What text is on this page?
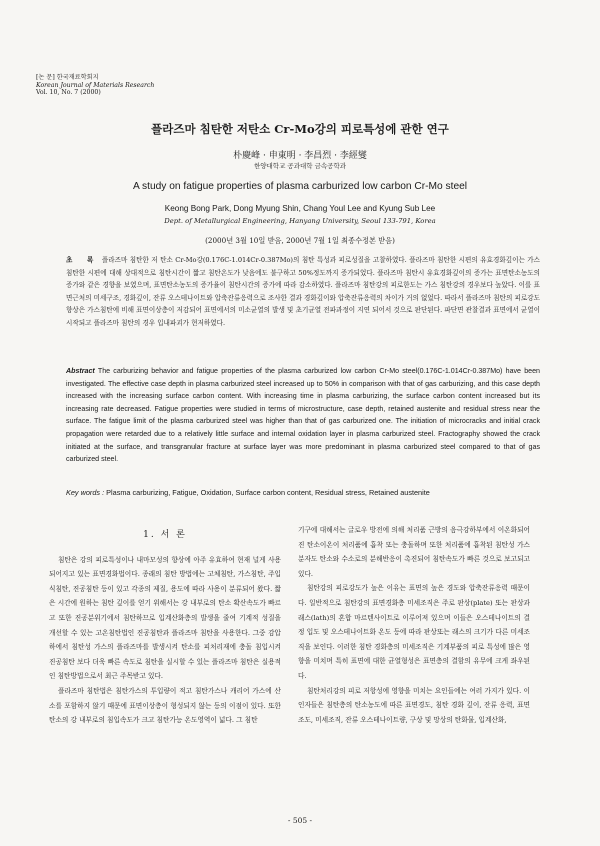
[논 문] 한국재료학회지
Korean Journal of Materials Research
Vol. 10, No. 7 (2000)
플라즈마 침탄한 저탄소 Cr-Mo강의 피로특성에 관한 연구
朴慶峰 · 申東明 · 李昌烈 · 李經燮
한양대학교 공과대학 금속공학과
A study on fatigue properties of plasma carburized low carbon Cr-Mo steel
Keong Bong Park, Dong Myung Shin, Chang Youl Lee and Kyung Sub Lee
Dept. of Metallurgical Engineering, Hanyang University, Seoul 133-791, Korea
(2000년 3월 10일 받음, 2000년 7월 1일 최종수정본 받음)
초 록 플라즈마 침탄한 저 탄소 Cr-Mo강(0.176C-1.014Cr-0.387Mo)의 침탄 특성과 피로성질을 고찰하였다. 플라즈마 침탄한 시편의 유효경화깊이는 가스 침탄한 시편에 대해 상대적으로 침탄시간이 짧고 침탄온도가 낮음에도 불구하고 50%정도까지 증가되었다. 플라즈마 침탄시 유효경화깊이의 증가는 표면탄소농도의 증가와 같은 경향을 보였으며, 표면탄소농도의 증가율이 침탄시간의 증가에 따라 감소하였다. 플라즈마 침탄강의 피로한도는 가스 침탄강의 경우보다 높았다. 이를 표면근처의 미세구조, 경화깊이, 잔류 오스테나이트와 압축잔류응력으로 조사한 결과 경화깊이와 압축잔류응력의 차이가 거의 없었다. 따라서 플라즈마 침탄의 피로강도 향상은 가스침탄에 비해 표면이상층이 저감되어 표면에서의 미소균열의 발생 및 초기균열 전파과정이 지연 되어서 것으로 판단된다. 파단면 관찰결과 표면에서 균열이 시작되고 플라즈마 침탄의 경우 입내파괴가 현저하였다.
Abstract The carburizing behavior and fatigue properties of the plasma carburized low carbon Cr-Mo steel(0.176C-1.014Cr-0.387Mo) have been investigated. The effective case depth in plasma carburized steel increased up to 50% in comparison with that of gas carburizing, and this case depth increased with the increasing surface carbon content. With increasing time in plasma carburizing, the surface carbon content increased but its increasing rate decreased. Fatigue properties were studied in terms of microstructure, case depth, retained austenite and residual stress near the surface. The fatigue limit of the plasma carburized steel was higher than that of gas carburized one. The initiation of microcracks and initial crack propagation were retarded due to a relatively little surface and internal oxidation layer in plasma carburized steel. Fractography showed the crack initiated at the surface, and transgranular fracture at surface layer was more predominant in plasma carburized steel compared to that of gas carburized steel.
Key words : Plasma carburizing, Fatigue, Oxidation, Surface carbon content, Residual stress, Retained austenite
1. 서 론

침탄은 강의 피로특성이나 내마모성의 향상에 아주 유효하여 현재 널게 사용되어지고 있는 표면경화법이다. 종래의 침탄 방법에는 고체침탄, 가스침탄, 주입식침탄, 진공침탄 등이 있고 각종의 제질, 용도에 따라 사용이 분류되어 왔다. 짧은 시간에 원하는 침탄 깊이를 얻기 위해서는 강 내부로의 탄소 확산속도가 빠르고 또한 진공분위기에서 침탄하므로 입계산화층의 발생을 줄여 기계적 성질을 개선할 수 있는 고온침탄법인 진공침탄과 플라즈마 침탄을 사용한다. 그중 감압하에서 침탄성 가스의 플라즈마를 발생시켜 탄소를 피처리재에 충돌 침입시켜 진공침탄 보다 더욱 빠른 속도로 침탄을 실시할 수 있는 플라즈마 침탄은 실용적인 침탄방법으로서 최근 주목받고 있다.

플라즈마 침탄법은 침탄가스의 투입량이 적고 침탄가스나 캐리어 가스에 산소를 포함하지 않기 때문에 표면이상층이 형성되지 않는 등의 이점이 있다. 또한 탄소의 강 내부로의 침입속도가 크고 침탄가능 온도영역이 넓다. 그 침탄

기구에 대해서는 글로우 방전에 의해 처리품 근방의 음극강하부에서 이온화되어진 탄소이온이 처리품에 흡착 또는 충돌하며 또한 처리품에 흡착된 침탄성 가스분자도 탄소와 수소로의 분해반응이 촉진되어 침탄속도가 빠른 것으로 보고되고 있다.

침탄강의 피로강도가 높은 이유는 표면의 높은 경도와 압축잔류응력 때문이다. 일반적으로 침탄강의 표면경화층 미세조직은 주로 판상(plate) 또는 판상과 래스(lath)의 혼합 마르텐사이트로 이루어져 있으며 이들은 오스테나이트의 결정 입도 및 오스테나이트화 온도 등에 따라 판상또는 래스의 크기가 다른 미세조직을 보인다. 이러한 침탄 경화층의 미세조직은 기계부품의 피로 특성에 많은 영향을 미치며 특히 표면에 대한 균열형성은 표면층의 결함의 유무에 크게 좌우된다.

침탄처리강의 피로 저항성에 영향을 미치는 요인들에는 여러 가지가 있다. 이 인자들은 침탄층의 탄소농도에 따른 표면경도, 침탄 경화 깊이, 잔류 응력, 표면조도, 미세조직, 잔류 오스테나이트량, 구상 및 망상의 탄화물, 입계산화,

- 505 -
